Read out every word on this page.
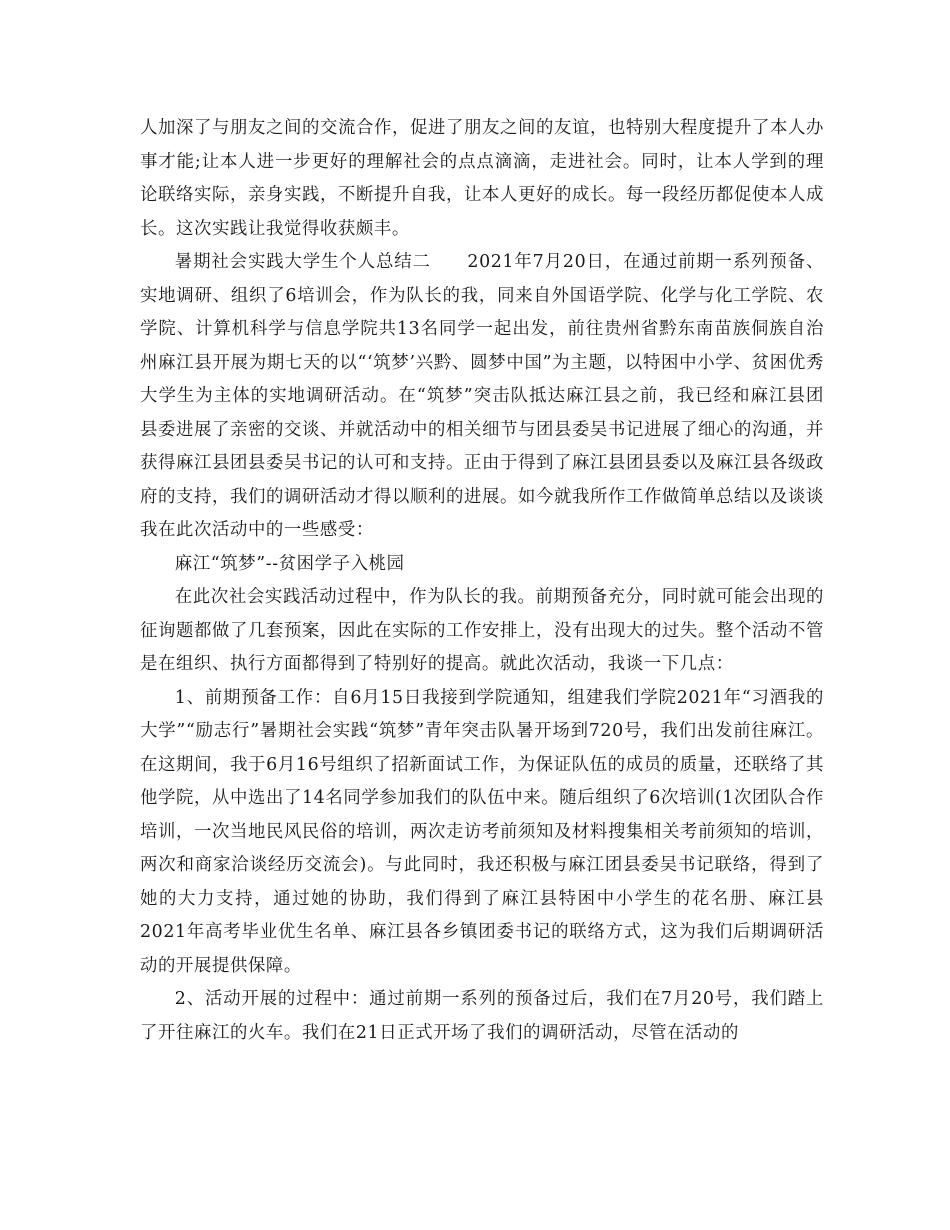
人加深了与朋友之间的交流合作，促进了朋友之间的友谊，也特别大程度提升了本人办事才能;让本人进一步更好的理解社会的点点滴滴，走进社会。同时，让本人学到的理论联络实际，亲身实践，不断提升自我，让本人更好的成长。每一段经历都促使本人成长。这次实践让我觉得收获颇丰。

暑期社会实践大学生个人总结二　　2021年7月20日，在通过前期一系列预备、实地调研、组织了6培训会，作为队长的我，同来自外国语学院、化学与化工学院、农学院、计算机科学与信息学院共13名同学一起出发，前往贵州省黔东南苗族侗族自治州麻江县开展为期七天的以“‘筑梦’兴黔、圆梦中国”为主题，以特困中小学、贫困优秀大学生为主体的实地调研活动。在“筑梦”突击队抵达麻江县之前，我已经和麻江县团县委进展了亲密的交谈、并就活动中的相关细节与团县委吴书记进展了细心的沟通，并获得麻江县团县委吴书记的认可和支持。正由于得到了麻江县团县委以及麻江县各级政府的支持，我们的调研活动才得以顺利的进展。如今就我所作工作做简单总结以及谈谈我在此次活动中的一些感受：

麻江“筑梦”--贫困学子入桃园

在此次社会实践活动过程中，作为队长的我。前期预备充分，同时就可能会出现的征询题都做了几套预案，因此在实际的工作安排上，没有出现大的过失。整个活动不管是在组织、执行方面都得到了特别好的提高。就此次活动，我谈一下几点：

1、前期预备工作：自6月15日我接到学院通知，组建我们学院2021年“习酒我的大学”“励志行”暑期社会实践“筑梦”青年突击队暑开场到720号，我们出发前往麻江。在这期间，我于6月16号组织了招新面试工作，为保证队伍的成员的质量，还联络了其他学院，从中选出了14名同学参加我们的队伍中来。随后组织了6次培训(1次团队合作培训，一次当地民风民俗的培训，两次走访考前须知及材料搜集相关考前须知的培训，两次和商家洽谈经历交流会)。与此同时，我还积极与麻江团县委吴书记联络，得到了她的大力支持，通过她的协助，我们得到了麻江县特困中小学生的花名册、麻江县2021年高考毕业优生名单、麻江县各乡镇团委书记的联络方式，这为我们后期调研活动的开展提供保障。

2、活动开展的过程中：通过前期一系列的预备过后，我们在7月20号，我们踏上了开往麻江的火车。我们在21日正式开场了我们的调研活动，尽管在活动的
